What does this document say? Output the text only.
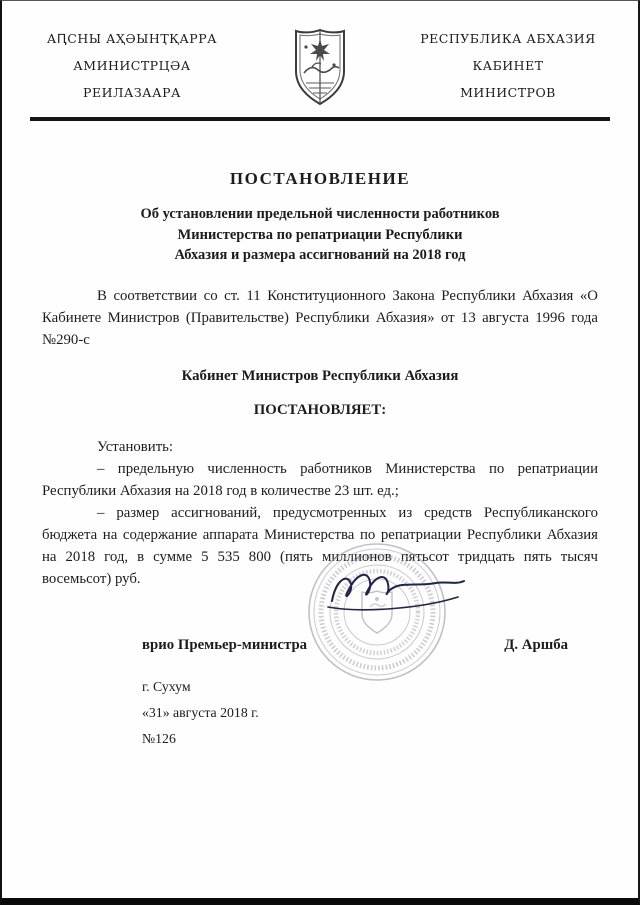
АԤСНЫ АҲӘЫНҬҚАРРА
АМИНИСТРЦӘА
РЕИЛАЗААРА
РЕСПУБЛИКА АБХАЗИЯ
КАБИНЕТ
МИНИСТРОВ
ПОСТАНОВЛЕНИЕ
Об установлении предельной численности работников
Министерства по репатриации Республики
Абхазия и размера ассигнований на 2018 год

В соответствии со ст. 11 Конституционного Закона Республики Абхазия «О Кабинете Министров (Правительстве) Республики Абхазия» от 13 августа 1996 года №290-с

Кабинет Министров Республики Абхазия
ПОСТАНОВЛЯЕТ:

Установить:

– предельную численность работников Министерства по репатриации Республики Абхазия на 2018 год в количестве 23 шт. ед.;

– размер ассигнований, предусмотренных из средств Республиканского бюджета на содержание аппарата Министерства по репатриации Республики Абхазия на 2018 год, в сумме 5 535 800 (пять миллионов пятьсот тридцать пять тысяч восемьсот) руб.

врио Премьер-министра	Д. Аршба
г. Сухум
«31» августа 2018 г.
№126
